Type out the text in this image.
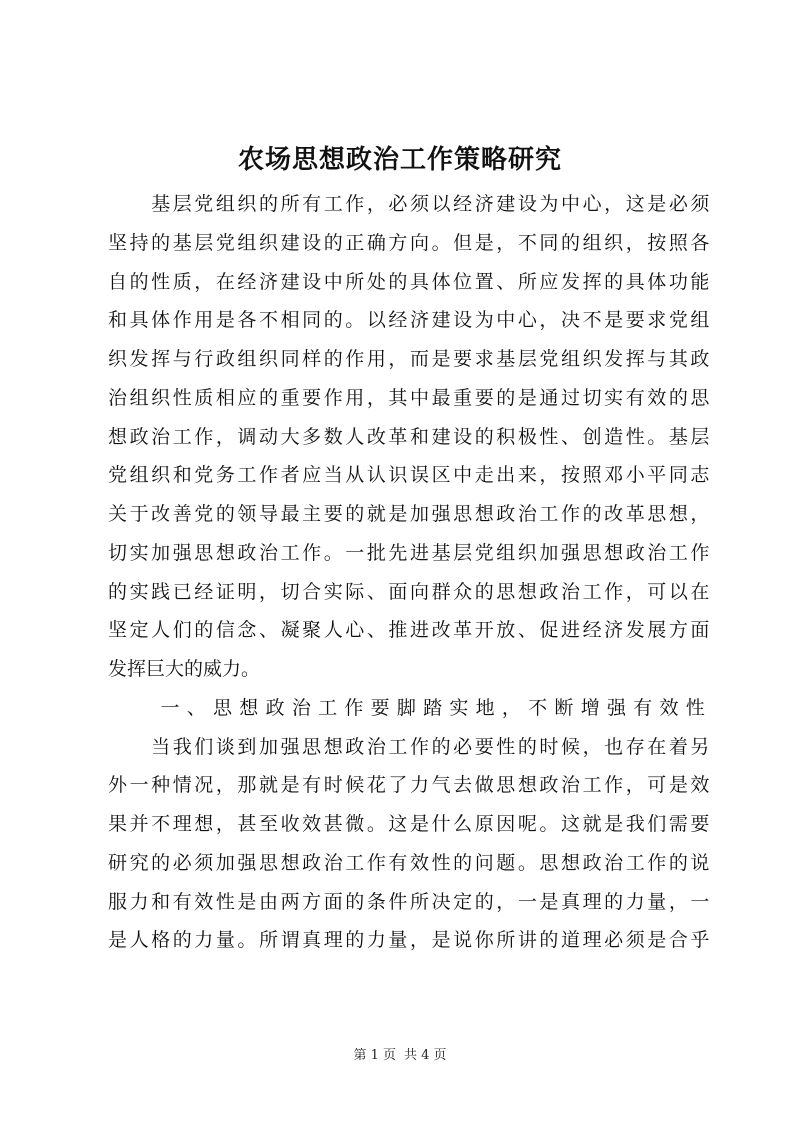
农场思想政治工作策略研究
　　基层党组织的所有工作，必须以经济建设为中心，这是必须
坚持的基层党组织建设的正确方向。但是，不同的组织，按照各
自的性质，在经济建设中所处的具体位置、所应发挥的具体功能
和具体作用是各不相同的。以经济建设为中心，决不是要求党组
织发挥与行政组织同样的作用，而是要求基层党组织发挥与其政
治组织性质相应的重要作用，其中最重要的是通过切实有效的思
想政治工作，调动大多数人改革和建设的积极性、创造性。基层
党组织和党务工作者应当从认识误区中走出来，按照邓小平同志
关于改善党的领导最主要的就是加强思想政治工作的改革思想，
切实加强思想政治工作。一批先进基层党组织加强思想政治工作
的实践已经证明，切合实际、面向群众的思想政治工作，可以在
坚定人们的信念、凝聚人心、推进改革开放、促进经济发展方面
发挥巨大的威力。
　　一、思想政治工作要脚踏实地，不断增强有效性
　　当我们谈到加强思想政治工作的必要性的时候，也存在着另
外一种情况，那就是有时候花了力气去做思想政治工作，可是效
果并不理想，甚至收效甚微。这是什么原因呢。这就是我们需要
研究的必须加强思想政治工作有效性的问题。思想政治工作的说
服力和有效性是由两方面的条件所决定的，一是真理的力量，一
是人格的力量。所谓真理的力量，是说你所讲的道理必须是合乎
第 1 页 共 4 页
